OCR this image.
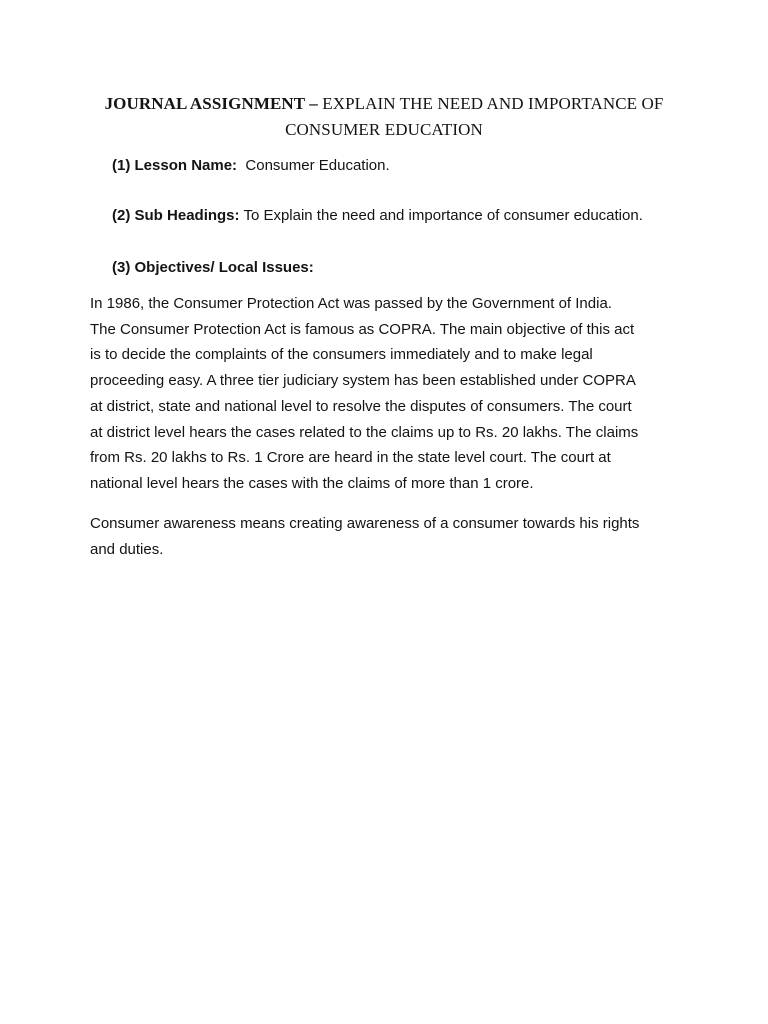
JOURNAL ASSIGNMENT – EXPLAIN THE NEED AND IMPORTANCE OF
CONSUMER EDUCATION
(1) Lesson Name: Consumer Education.
(2) Sub Headings: To Explain the need and importance of consumer education.
(3) Objectives/ Local Issues:

In 1986, the Consumer Protection Act was passed by the Government of India.
The Consumer Protection Act is famous as COPRA. The main objective of this act
is to decide the complaints of the consumers immediately and to make legal
proceeding easy. A three tier judiciary system has been established under COPRA
at district, state and national level to resolve the disputes of consumers. The court
at district level hears the cases related to the claims up to Rs. 20 lakhs. The claims
from Rs. 20 lakhs to Rs. 1 Crore are heard in the state level court. The court at
national level hears the cases with the claims of more than 1 crore.

Consumer awareness means creating awareness of a consumer towards his rights
and duties.
